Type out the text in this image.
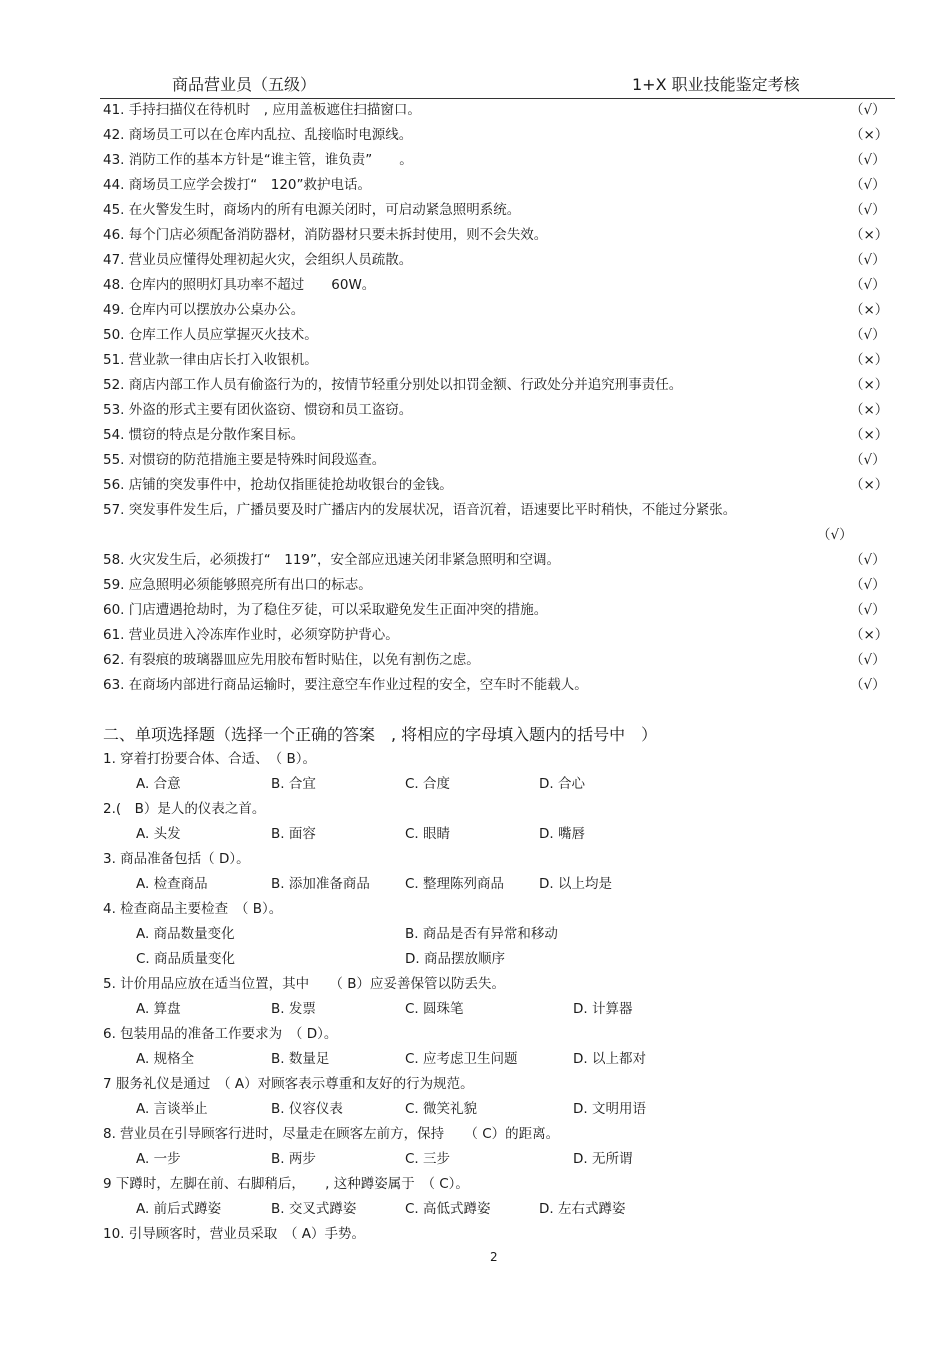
商品营业员（五级）	1+X 职业技能鉴定考核
41. 手持扫描仪在待机时　, 应用盖板遮住扫描窗口。	（√）
42. 商场员工可以在仓库内乱拉、乱接临时电源线。	（×）
43. 消防工作的基本方针是“谁主管，谁负责”　　。	（√）
44. 商场员工应学会拨打“　120”救护电话。	（√）
45. 在火警发生时，商场内的所有电源关闭时，可启动紧急照明系统。	（√）
46. 每个门店必须配备消防器材，消防器材只要未拆封使用，则不会失效。	（×）
47. 营业员应懂得处理初起火灾，会组织人员疏散。	（√）
48. 仓库内的照明灯具功率不超过　　60W。	（√）
49. 仓库内可以摆放办公桌办公。	（×）
50. 仓库工作人员应掌握灭火技术。	（√）
51. 营业款一律由店长打入收银机。	（×）
52. 商店内部工作人员有偷盗行为的，按情节轻重分别处以扣罚金额、行政处分并追究刑事责任。	（×）
53. 外盗的形式主要有团伙盗窃、惯窃和员工盗窃。	（×）
54. 惯窃的特点是分散作案目标。	（×）
55. 对惯窃的防范措施主要是特殊时间段巡查。	（√）
56. 店铺的突发事件中，抢劫仅指匪徒抢劫收银台的金钱。	（×）
57. 突发事件发生后，广播员要及时广播店内的发展状况，语音沉着，语速要比平时稍快，不能过分紧张。
（√）
58. 火灾发生后，必须拨打“　119”，安全部应迅速关闭非紧急照明和空调。	（√）
59. 应急照明必须能够照亮所有出口的标志。	（√）
60. 门店遭遇抢劫时，为了稳住歹徒，可以采取避免发生正面冲突的措施。	（√）
61. 营业员进入冷冻库作业时，必须穿防护背心。	（×）
62. 有裂痕的玻璃器皿应先用胶布暂时贴住，以免有割伤之虑。	（√）
63. 在商场内部进行商品运输时，要注意空车作业过程的安全，空车时不能载人。	（√）
二、单项选择题（选择一个正确的答案　, 将相应的字母填入题内的括号中　）
1. 穿着打扮要合体、合适、　（ B）。
A. 合意	B. 合宜	C. 合度	D. 合心
2.(　B）是人的仪表之首。
A. 头发	B. 面容	C. 眼睛	D. 嘴唇
3. 商品准备包括（ D）。
A. 检查商品	B. 添加准备商品	C. 整理陈列商品	D. 以上均是
4. 检查商品主要检查　（ B）。
A. 商品数量变化	B. 商品是否有异常和移动
C. 商品质量变化	D. 商品摆放顺序
5. 计价用品应放在适当位置，其中　　（ B）应妥善保管以防丢失。
A. 算盘	B. 发票	C. 圆珠笔	D. 计算器
6. 包装用品的准备工作要求为　（ D）。
A. 规格全	B. 数量足	C. 应考虑卫生问题	D. 以上都对
7 服务礼仪是通过　（ A）对顾客表示尊重和友好的行为规范。
A. 言谈举止	B. 仪容仪表	C. 微笑礼貌	D. 文明用语
8. 营业员在引导顾客行进时，尽量走在顾客左前方，保持　　（ C）的距离。
A. 一步	B. 两步	C. 三步	D. 无所谓
9 下蹲时，左脚在前、右脚稍后，　　, 这种蹲姿属于　（ C）。
A. 前后式蹲姿	B. 交叉式蹲姿	C. 高低式蹲姿	D. 左右式蹲姿
10. 引导顾客时，营业员采取　（ A）手势。
2
